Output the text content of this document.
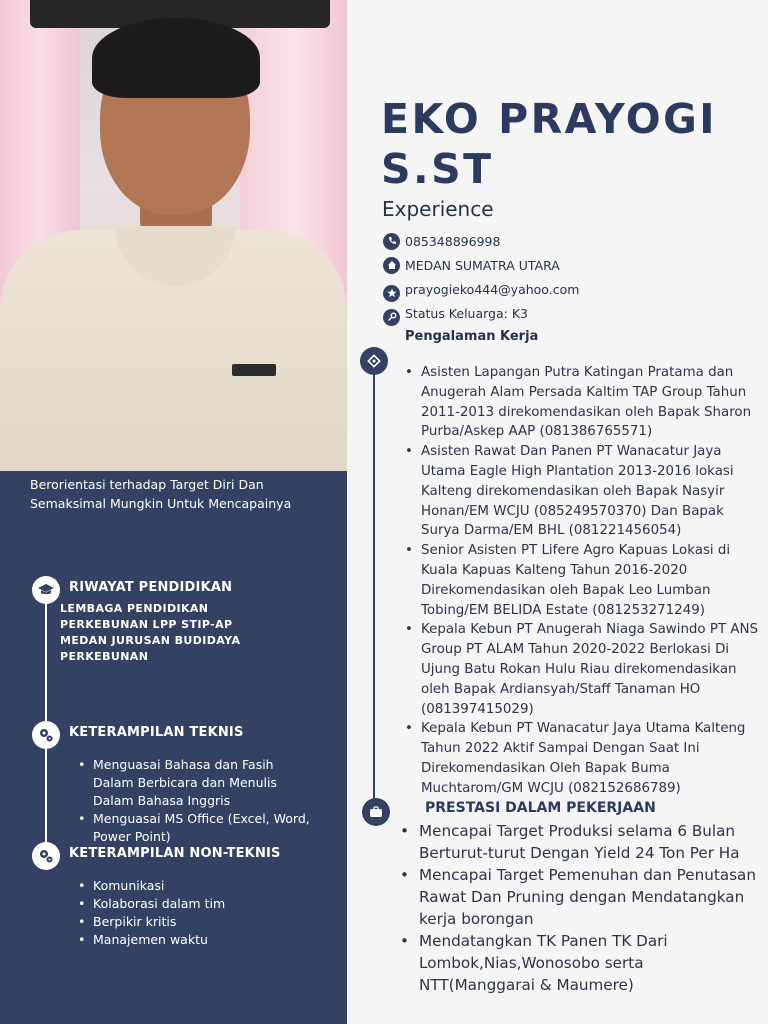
Berorientasi terhadap Target Diri Dan Semaksimal Mungkin Untuk Mencapainya

RIWAYAT PENDIDIKAN
LEMBAGA PENDIDIKAN PERKEBUNAN LPP STIP-AP MEDAN JURUSAN BUDIDAYA PERKEBUNAN
KETERAMPILAN TEKNIS
• Menguasai Bahasa dan Fasih Dalam Berbicara dan Menulis Dalam Bahasa Inggris
• Menguasai MS Office (Excel, Word, Power Point)
KETERAMPILAN NON-TEKNIS
• Komunikasi
• Kolaborasi dalam tim
• Berpikir kritis
• Manajemen waktu
EKO PRAYOGI S.ST
Experience
085348896998
MEDAN SUMATRA UTARA
prayogieko444@yahoo.com
Status Keluarga: K3
Pengalaman Kerja
• Asisten Lapangan Putra Katingan Pratama dan Anugerah Alam Persada Kaltim TAP Group Tahun 2011-2013 direkomendasikan oleh Bapak Sharon Purba/Askep AAP (081386765571)
• Asisten Rawat Dan Panen PT Wanacatur Jaya Utama Eagle High Plantation 2013-2016 lokasi Kalteng direkomendasikan oleh Bapak Nasyir Honan/EM WCJU (085249570370) Dan Bapak Surya Darma/EM BHL (081221456054)
• Senior Asisten PT Lifere Agro Kapuas Lokasi di Kuala Kapuas Kalteng Tahun 2016-2020 Direkomendasikan oleh Bapak Leo Lumban Tobing/EM BELIDA Estate (081253271249)
• Kepala Kebun PT Anugerah Niaga Sawindo PT ANS Group PT ALAM Tahun 2020-2022 Berlokasi Di Ujung Batu Rokan Hulu Riau direkomendasikan oleh Bapak Ardiansyah/Staff Tanaman HO (081397415029)
• Kepala Kebun PT Wanacatur Jaya Utama Kalteng Tahun 2022 Aktif Sampai Dengan Saat Ini Direkomendasikan Oleh Bapak Buma Muchtarom/GM WCJU (082152686789)
PRESTASI DALAM PEKERJAAN
• Mencapai Target Produksi selama 6 Bulan Berturut-turut Dengan Yield 24 Ton Per Ha
• Mencapai Target Pemenuhan dan Penutasan Rawat Dan Pruning dengan Mendatangkan kerja borongan
• Mendatangkan TK Panen TK Dari Lombok,Nias,Wonosobo serta NTT(Manggarai & Maumere)
